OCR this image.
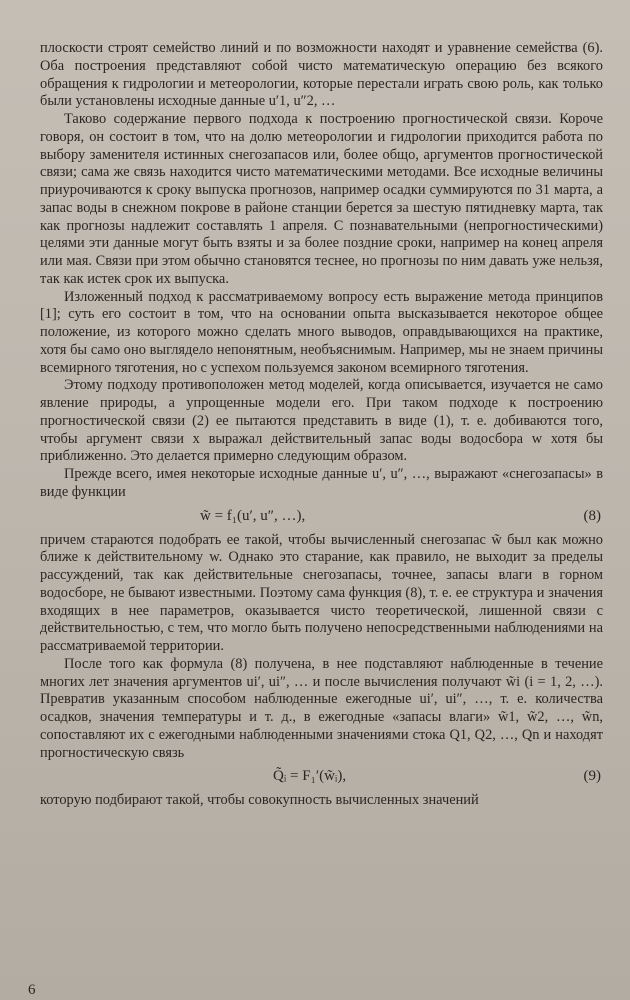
плоскости строят семейство линий и по возможности находят и уравнение семейства (6). Оба построения представляют собой чисто математическую операцию без всякого обращения к гидрологии и метеорологии, которые перестали играть свою роль, как только были установлены исходные данные u′1, u″2, …

Таково содержание первого подхода к построению прогностической связи. Короче говоря, он состоит в том, что на долю метеорологии и гидрологии приходится работа по выбору заменителя истинных снегозапасов или, более общо, аргументов прогностической связи; сама же связь находится чисто математическими методами. Все исходные величины приурочиваются к сроку выпуска прогнозов, например осадки суммируются по 31 марта, а запас воды в снежном покрове в районе станции берется за шестую пятидневку марта, так как прогнозы надлежит составлять 1 апреля. С познавательными (непрогностическими) целями эти данные могут быть взяты и за более поздние сроки, например на конец апреля или мая. Связи при этом обычно становятся теснее, но прогнозы по ним давать уже нельзя, так как истек срок их выпуска.

Изложенный подход к рассматриваемому вопросу есть выражение метода принципов [1]; суть его состоит в том, что на основании опыта высказывается некоторое общее положение, из которого можно сделать много выводов, оправдывающихся на практике, хотя бы само оно выглядело непонятным, необъяснимым. Например, мы не знаем причины всемирного тяготения, но с успехом пользуемся законом всемирного тяготения.

Этому подходу противоположен метод моделей, когда описывается, изучается не само явление природы, а упрощенные модели его. При таком подходе к построению прогностической связи (2) ее пытаются представить в виде (1), т. е. добиваются того, чтобы аргумент связи x выражал действительный запас воды водосбора w хотя бы приближенно. Это делается примерно следующим образом.

Прежде всего, имея некоторые исходные данные u′, u″, …, выражают «снегозапасы» в виде функции

w̃ = f₁(u′, u″, …),	(8)

причем стараются подобрать ее такой, чтобы вычисленный снегозапас w̃ был как можно ближе к действительному w. Однако это старание, как правило, не выходит за пределы рассуждений, так как действительные снегозапасы, точнее, запасы влаги в горном водосборе, не бывают известными. Поэтому сама функция (8), т. е. ее структура и значения входящих в нее параметров, оказывается чисто теоретической, лишенной связи с действительностью, с тем, что могло быть получено непосредственными наблюдениями на рассматриваемой территории.

После того как формула (8) получена, в нее подставляют наблюденные в течение многих лет значения аргументов ui′, ui″, … и после вычисления получают w̃i (i = 1, 2, …). Превратив указанным способом наблюденные ежегодные ui′, ui″, …, т. е. количества осадков, значения температуры и т. д., в ежегодные «запасы влаги» w̃1, w̃2, …, w̃n, сопоставляют их с ежегодными наблюденными значениями стока Q1, Q2, …, Qn и находят прогностическую связь

Q̃ᵢ = F₁′(w̃ᵢ),	(9)

которую подбирают такой, чтобы совокупность вычисленных значений

6
